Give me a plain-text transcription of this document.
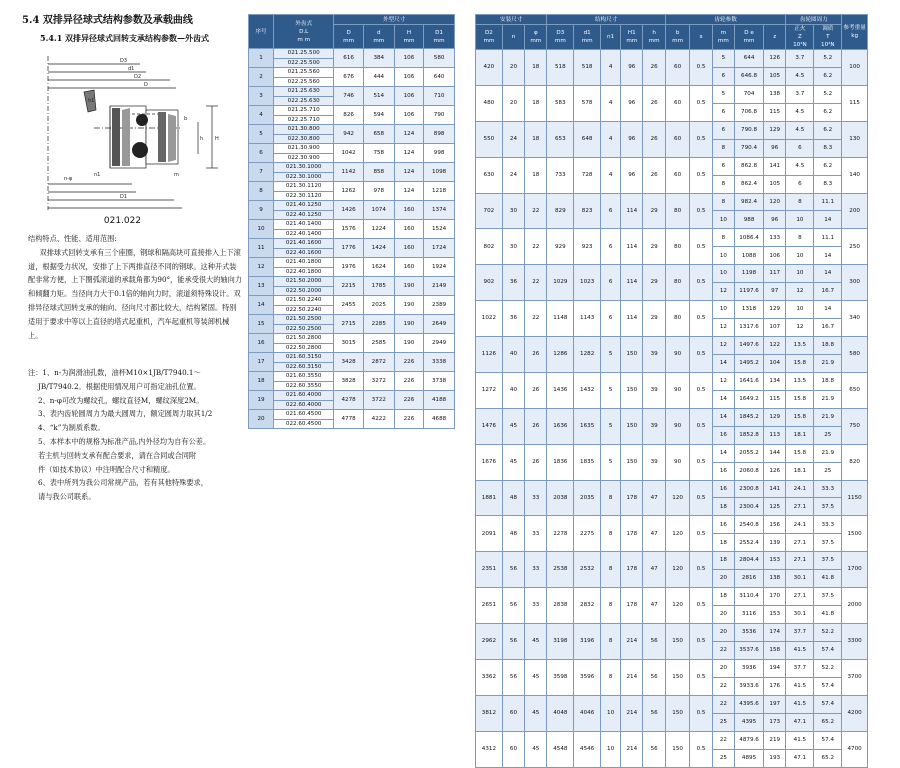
5.4 双排异径球式结构参数及承载曲线
5.4.1 双排异径球式回转支承结构参数—外齿式
D3
d1
D2
D
H
h
h1
b
D1
n1
n-φ
m
021.022

结构特点、性能、适用范围:

双排球式回转支承有三个座圈，钢球和隔高块可直接排入上下滚道，根据受力状况，安排了上下两排直径不同的钢球。这种开式装配非常方便，上下圈弧滚道的承载角都为90°，能承受很大的轴向力和倾翻力矩。当径向力大于0.1倍的轴向力时，滚道须特殊设计。双排异径球式回转支承的轴向、径向尺寸都比较大，结构紧固。特别适用于要求中等以上直径的塔式起重机，汽车起重机等装卸机械上。

注：1、n-为润滑油孔数，油杯M10×1JB/T7940.1～

JB/T7940.2。根据使用情况用户可指定油孔位置。

2、n-φ可改为螺纹孔，螺纹直径M，螺纹深度2M。

3、表内齿轮圆周力为最大圆周力，额定圆周力取其1/2

4、“k”为制质系数。

5、本样本中的规格为标准产品,内外径均为自有公差。

若主机与回转支承有配合要求，请在合同或合同附

件（如技术协议）中注明配合尺寸和精度。

6、表中所列为我公司常规产品，若有其他特殊要求，

请与我公司联系。

序号	外齿式
D.L
m m	外型尺寸			
		D
mm	d
mm	H
mm	D1
mm
1	021.25.500
022.25.500	616	384	106	580
2	021.25.560
022.25.560	676	444	106	640
3	021.25.630
022.25.630	746	514	106	710
4	021.25.710
022.25.710	826	594	106	790
5	021.30.800
022.30.800	942	658	124	898
6	021.30.900
022.30.900	1042	758	124	998
7	021.30.1000
022.30.1000	1142	858	124	1098
8	021.30.1120
022.30.1120	1262	978	124	1218
9	021.40.1250
022.40.1250	1426	1074	160	1374
10	021.40.1400
022.40.1400	1576	1224	160	1524
11	021.40.1600
022.40.1600	1776	1424	160	1724
12	021.40.1800
022.40.1800	1976	1624	160	1924
13	021.50.2000
022.50.2000	2215	1785	190	2149
14	021.50.2240
022.50.2240	2455	2025	190	2389
15	021.50.2500
022.50.2500	2715	2285	190	2649
16	021.50.2800
022.50.2800	3015	2585	190	2949
17	021.60.3150
022.60.3150	3428	2872	226	3338
18	021.60.3550
022.60.3550	3828	3272	226	3738
19	021.60.4000
022.60.4000	4278	3722	226	4188
20	021.60.4500
022.60.4500	4778	4222	226	4688
安装尺寸			结构尺寸					齿轮参数					齿轮圆周力		参考重量
kg
D2
mm	n	φ
mm	D3
mm	d1
mm	n1	H1
mm	h
mm	b
mm	x	m
mm	D e
mm	z	正火
Z
10⁴N	调质
T
10⁴N	
420	20	18	518	518	4	96	26	60	0.5	5	644	126	3.7	5.2	100
										6	646.8	105	4.5	6.2	
480	20	18	583	578	4	96	26	60	0.5	5	704	138	3.7	5.2	115
										6	706.8	115	4.5	6.2	
550	24	18	653	648	4	96	26	60	0.5	6	790.8	129	4.5	6.2	130
										8	790.4	96	6	8.3	
630	24	18	733	728	4	96	26	60	0.5	6	862.8	141	4.5	6.2	140
										8	862.4	105	6	8.3	
702	30	22	829	823	6	114	29	80	0.5	8	982.4	120	8	11.1	200
										10	988	96	10	14	
802	30	22	929	923	6	114	29	80	0.5	8	1086.4	133	8	11.1	250
										10	1088	106	10	14	
902	36	22	1029	1023	6	114	29	80	0.5	10	1198	117	10	14	300
										12	1197.6	97	12	16.7	
1022	36	22	1148	1143	6	114	29	80	0.5	10	1318	129	10	14	340
										12	1317.6	107	12	16.7	
1126	40	26	1286	1282	5	150	39	90	0.5	12	1497.6	122	13.5	18.8	580
										14	1495.2	104	15.8	21.9	
1272	40	26	1436	1432	5	150	39	90	0.5	12	1641.6	134	13.5	18.8	650
										14	1649.2	115	15.8	21.9	
1476	45	26	1636	1635	5	150	39	90	0.5	14	1845.2	129	15.8	21.9	750
										16	1852.8	113	18.1	25	
1676	45	26	1836	1835	5	150	39	90	0.5	14	2055.2	144	15.8	21.9	820
										16	2060.8	126	18.1	25	
1881	48	33	2038	2035	8	178	47	120	0.5	16	2300.8	141	24.1	33.3	1150
										18	2300.4	125	27.1	37.5	
2091	48	33	2278	2275	8	178	47	120	0.5	16	2540.8	156	24.1	33.3	1500
										18	2552.4	139	27.1	37.5	
2351	56	33	2538	2532	8	178	47	120	0.5	18	2804.4	153	27.1	37.5	1700
										20	2816	138	30.1	41.8	
2651	56	33	2838	2832	8	178	47	120	0.5	18	3110.4	170	27.1	37.5	2000
										20	3116	153	30.1	41.8	
2962	56	45	3198	3196	8	214	56	150	0.5	20	3536	174	37.7	52.2	3300
										22	3537.6	158	41.5	57.4	
3362	56	45	3598	3596	8	214	56	150	0.5	20	3936	194	37.7	52.2	3700
										22	3933.6	176	41.5	57.4	
3812	60	45	4048	4046	10	214	56	150	0.5	22	4395.6	197	41.5	57.4	4200
										25	4395	173	47.1	65.2	
4312	60	45	4548	4546	10	214	56	150	0.5	22	4879.6	219	41.5	57.4	4700
										25	4895	193	47.1	65.2	
